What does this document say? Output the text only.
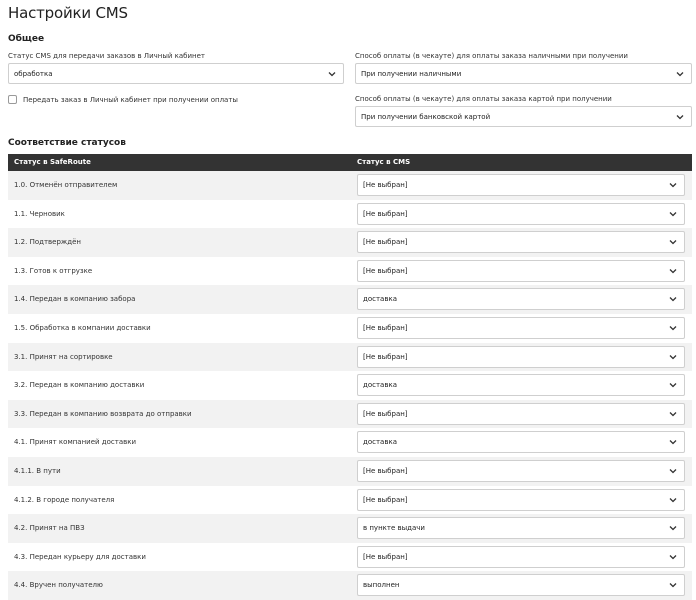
Настройки CMS
Общее
Статус CMS для передачи заказов в Личный кабинет
обработка
Передать заказ в Личный кабинет при получении оплаты
Способ оплаты (в чекауте) для оплаты заказа наличными при получении
При получении наличными
Способ оплаты (в чекауте) для оплаты заказа картой при получении
При получении банковской картой
Соответствие статусов
Статус в SafeRoute	Статус в CMS
1.0. Отменён отправителем	[Не выбран]
1.1. Черновик	[Не выбран]
1.2. Подтверждён	[Не выбран]
1.3. Готов к отгрузке	[Не выбран]
1.4. Передан в компанию забора	доставка
1.5. Обработка в компании доставки	[Не выбран]
3.1. Принят на сортировке	[Не выбран]
3.2. Передан в компанию доставки	доставка
3.3. Передан в компанию возврата до отправки	[Не выбран]
4.1. Принят компанией доставки	доставка
4.1.1. В пути	[Не выбран]
4.1.2. В городе получателя	[Не выбран]
4.2. Принят на ПВЗ	в пункте выдачи
4.3. Передан курьеру для доставки	[Не выбран]
4.4. Вручен получателю	выполнен
